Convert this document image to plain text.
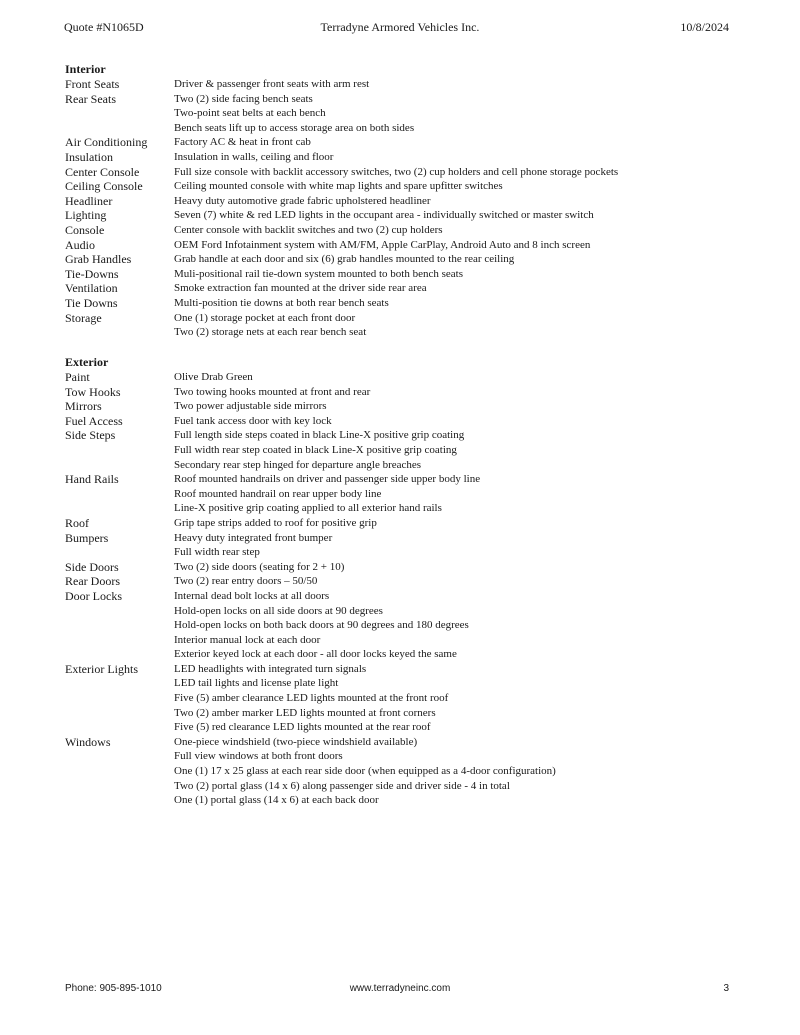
Quote #N1065D	Terradyne Armored Vehicles Inc.	10/8/2024
Interior
Front Seats	Driver & passenger front seats with arm rest
Rear Seats	Two (2) side facing bench seats
Two-point seat belts at each bench
Bench seats lift up to access storage area on both sides
Air Conditioning	Factory AC & heat in front cab
Insulation	Insulation in walls, ceiling and floor
Center Console	Full size console with backlit accessory switches, two (2) cup holders and cell phone storage pockets
Ceiling Console	Ceiling mounted console with white map lights and spare upfitter switches
Headliner	Heavy duty automotive grade fabric upholstered headliner
Lighting	Seven (7) white & red LED lights in the occupant area - individually switched or master switch
Console	Center console with backlit switches and two (2) cup holders
Audio	OEM Ford Infotainment system with AM/FM, Apple CarPlay, Android Auto and 8 inch screen
Grab Handles	Grab handle at each door and six (6) grab handles mounted to the rear ceiling
Tie-Downs	Muli-positional rail tie-down system mounted to both bench seats
Ventilation	Smoke extraction fan mounted at the driver side rear area
Tie Downs	Multi-position tie downs at both rear bench seats
Storage	One (1) storage pocket at each front door
Two (2) storage nets at each rear bench seat
Exterior
Paint	Olive Drab Green
Tow Hooks	Two towing hooks mounted at front and rear
Mirrors	Two power adjustable side mirrors
Fuel Access	Fuel tank access door with key lock
Side Steps	Full length side steps coated in black Line-X positive grip coating
Full width rear step coated in black Line-X positive grip coating
Secondary rear step hinged for departure angle breaches
Hand Rails	Roof mounted handrails on driver and passenger side upper body line
Roof mounted handrail on rear upper body line
Line-X positive grip coating applied to all exterior hand rails
Roof	Grip tape strips added to roof for positive grip
Bumpers	Heavy duty integrated front bumper
Full width rear step
Side Doors	Two (2) side doors (seating for 2 + 10)
Rear Doors	Two (2) rear entry doors – 50/50
Door Locks	Internal dead bolt locks at all doors
Hold-open locks on all side doors at 90 degrees
Hold-open locks on both back doors at 90 degrees and 180 degrees
Interior manual lock at each door
Exterior keyed lock at each door - all door locks keyed the same
Exterior Lights	LED headlights with integrated turn signals
LED tail lights and license plate light
Five (5) amber clearance LED lights mounted at the front roof
Two (2) amber marker LED lights mounted at front corners
Five (5) red clearance LED lights mounted at the rear roof
Windows	One-piece windshield (two-piece windshield available)
Full view windows at both front doors
One (1) 17 x 25 glass at each rear side door (when equipped as a 4-door configuration)
Two (2) portal glass (14 x 6) along passenger side and driver side - 4 in total
One (1) portal glass (14 x 6) at each back door
Phone: 905-895-1010	www.terradyneinc.com	3
